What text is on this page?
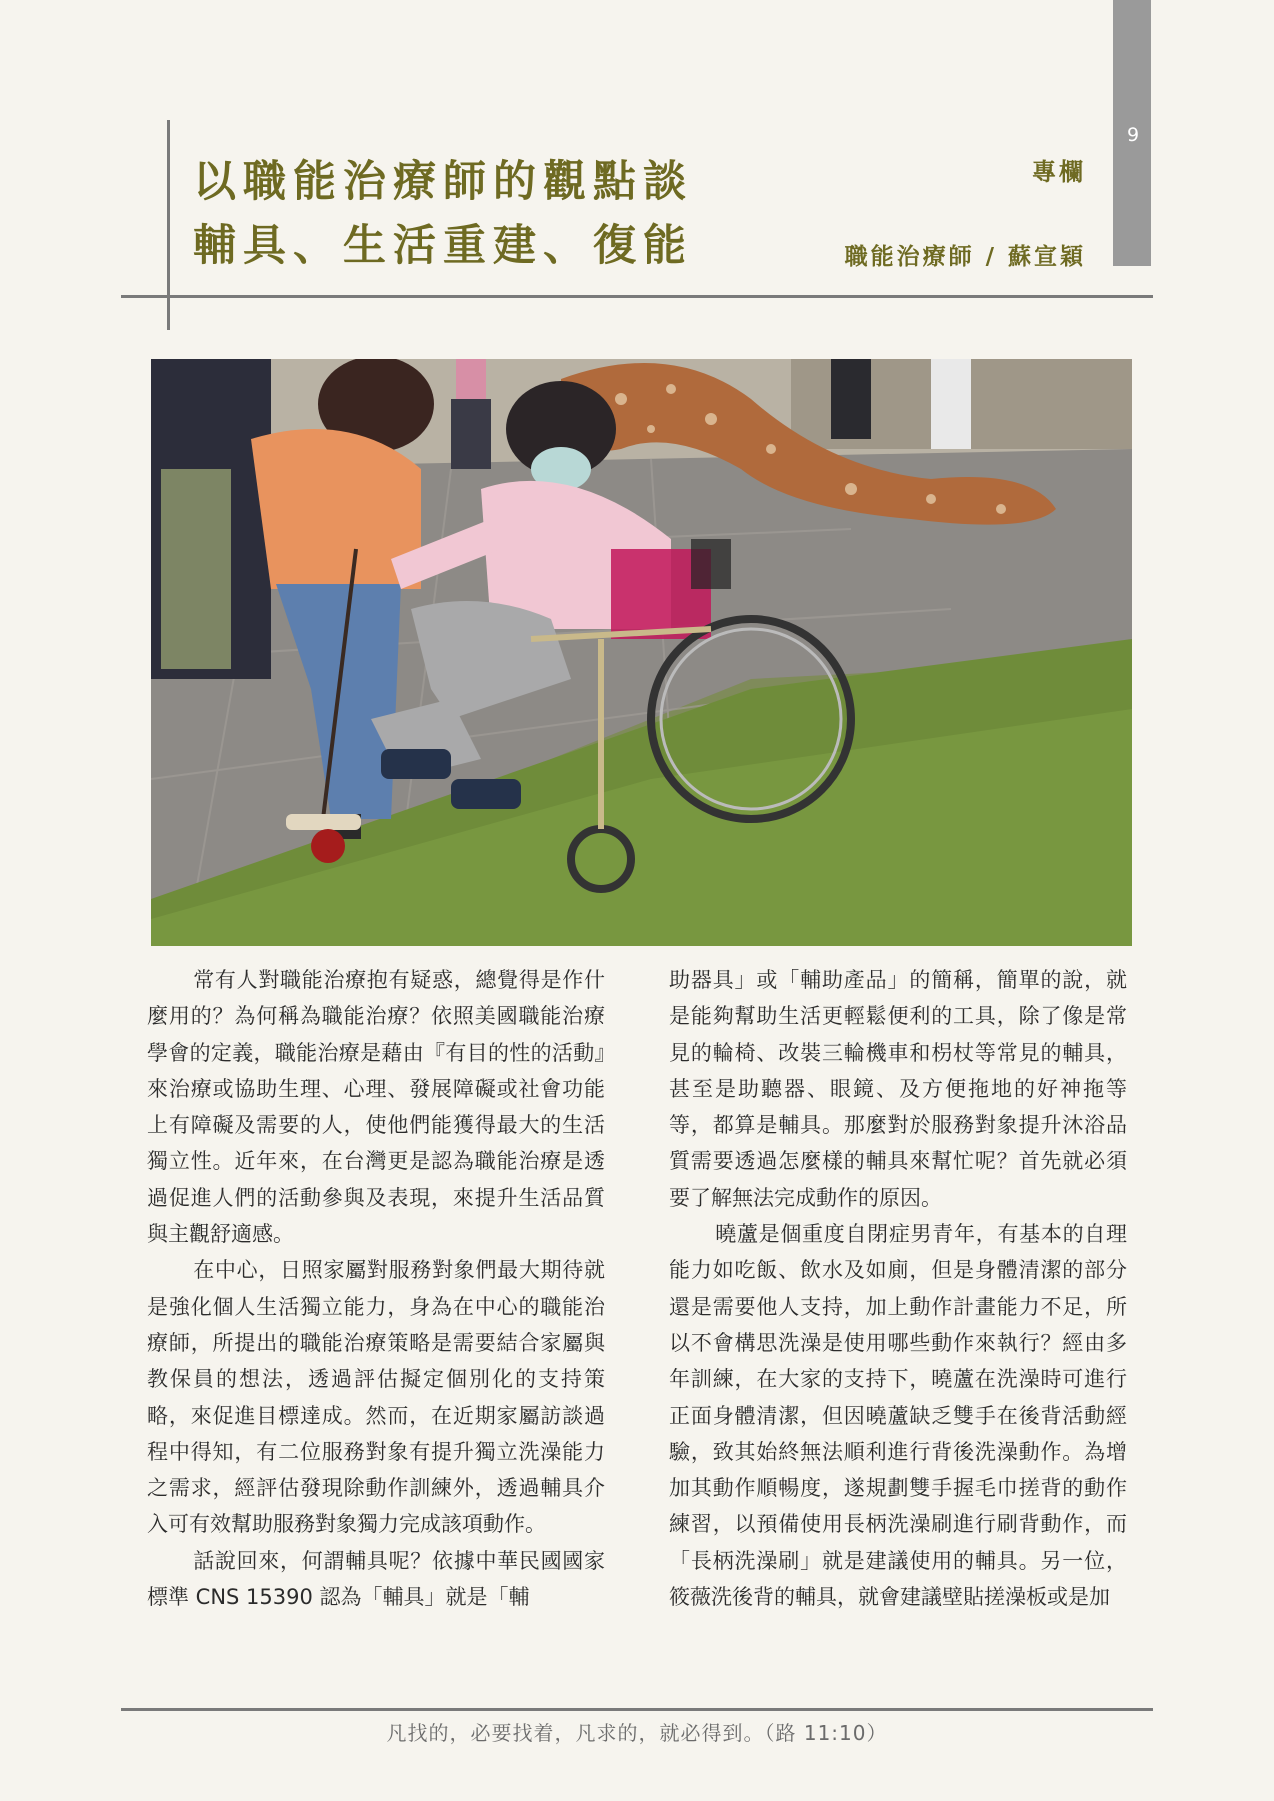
9
以職能治療師的觀點談
輔具、生活重建、復能
專欄
職能治療師 / 蘇宣穎

常有人對職能治療抱有疑惑，總覺得是作什麼用的？為何稱為職能治療？依照美國職能治療學會的定義，職能治療是藉由『有目的性的活動』來治療或協助生理、心理、發展障礙或社會功能上有障礙及需要的人，使他們能獲得最大的生活獨立性。近年來，在台灣更是認為職能治療是透過促進人們的活動參與及表現，來提升生活品質與主觀舒適感。

在中心，日照家屬對服務對象們最大期待就是強化個人生活獨立能力，身為在中心的職能治療師，所提出的職能治療策略是需要結合家屬與教保員的想法，透過評估擬定個別化的支持策略，來促進目標達成。然而，在近期家屬訪談過程中得知，有二位服務對象有提升獨立洗澡能力之需求，經評估發現除動作訓練外，透過輔具介入可有效幫助服務對象獨力完成該項動作。

話說回來，何謂輔具呢？依據中華民國國家標準 CNS 15390 認為「輔具」就是「輔

助器具」或「輔助產品」的簡稱，簡單的說，就是能夠幫助生活更輕鬆便利的工具，除了像是常見的輪椅、改裝三輪機車和枴杖等常見的輔具，甚至是助聽器、眼鏡、及方便拖地的好神拖等等，都算是輔具。那麼對於服務對象提升沐浴品質需要透過怎麼樣的輔具來幫忙呢？首先就必須要了解無法完成動作的原因。

曉蘆是個重度自閉症男青年，有基本的自理能力如吃飯、飲水及如廁，但是身體清潔的部分還是需要他人支持，加上動作計畫能力不足，所以不會構思洗澡是使用哪些動作來執行？經由多年訓練，在大家的支持下，曉蘆在洗澡時可進行正面身體清潔，但因曉蘆缺乏雙手在後背活動經驗，致其始終無法順利進行背後洗澡動作。為增加其動作順暢度，遂規劃雙手握毛巾搓背的動作練習，以預備使用長柄洗澡刷進行刷背動作，而「長柄洗澡刷」就是建議使用的輔具。另一位，筱薇洗後背的輔具，就會建議壁貼搓澡板或是加

凡找的，必要找着，凡求的，就必得到。（路 11:10）
